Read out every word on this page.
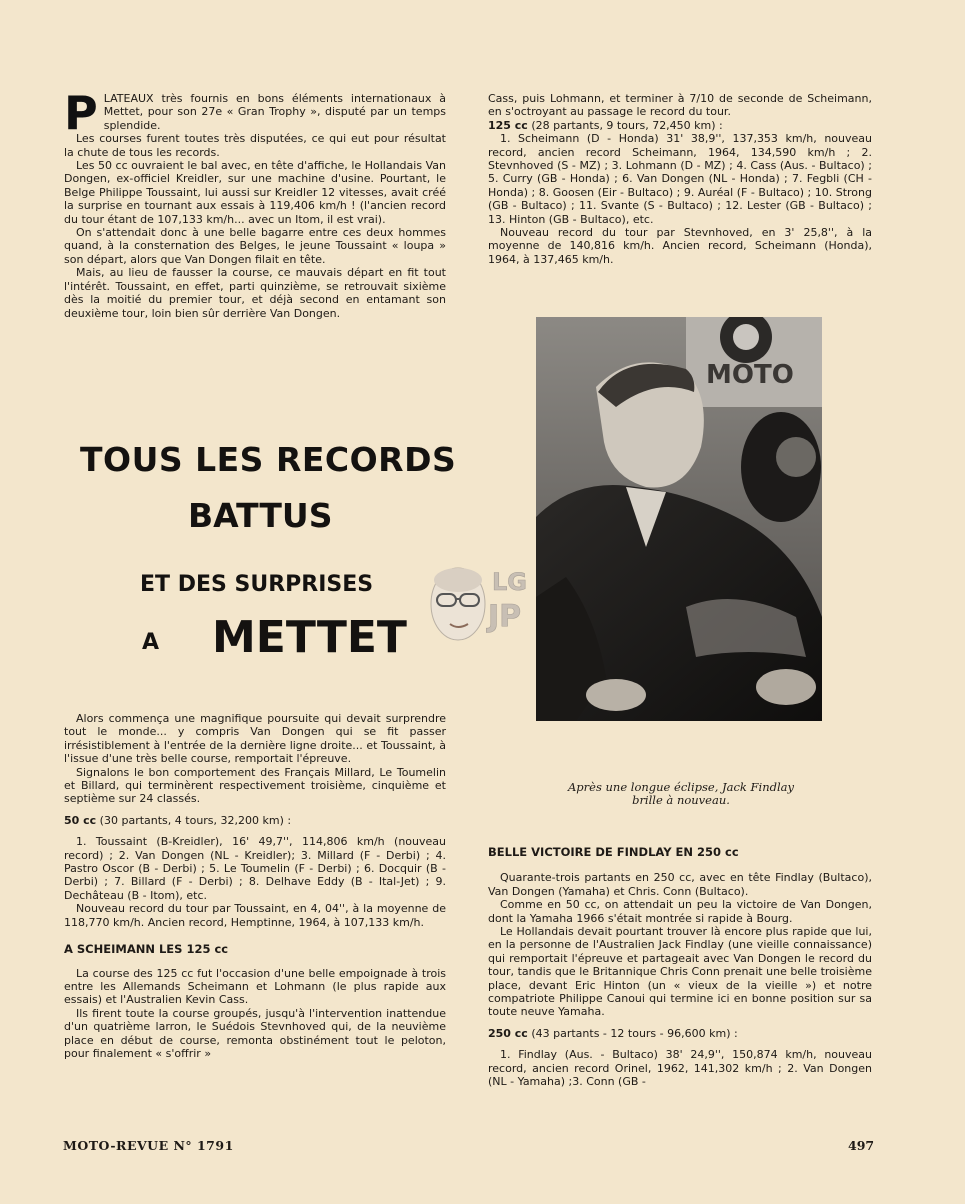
PLATEAUX très fournis en bons éléments internationaux à Mettet, pour son 27e « Gran Trophy », disputé par un temps splendide.

Les courses furent toutes très disputées, ce qui eut pour résultat la chute de tous les records.

Les 50 cc ouvraient le bal avec, en tête d'affiche, le Hollandais Van Dongen, ex-officiel Kreidler, sur une machine d'usine. Pourtant, le Belge Philippe Toussaint, lui aussi sur Kreidler 12 vitesses, avait créé la surprise en tournant aux essais à 119,406 km/h ! (l'ancien record du tour étant de 107,133 km/h... avec un Itom, il est vrai).

On s'attendait donc à une belle bagarre entre ces deux hommes quand, à la consternation des Belges, le jeune Toussaint « loupa » son départ, alors que Van Dongen filait en tête.

Mais, au lieu de fausser la course, ce mauvais départ en fit tout l'intérêt. Toussaint, en effet, parti quinzième, se retrouvait sixième dès la moitié du premier tour, et déjà second en entamant son deuxième tour, loin bien sûr derrière Van Dongen.

TOUS LES RECORDS
BATTUS
ET DES SURPRISES
A METTET
LG
JP

Alors commença une magnifique poursuite qui devait surprendre tout le monde... y compris Van Dongen qui se fit passer irrésistiblement à l'entrée de la dernière ligne droite... et Toussaint, à l'issue d'une très belle course, remportait l'épreuve.

Signalons le bon comportement des Français Millard, Le Toumelin et Billard, qui terminèrent respectivement troisième, cinquième et septième sur 24 classés.

50 cc (30 partants, 4 tours, 32,200 km) :

1. Toussaint (B-Kreidler), 16' 49,7'', 114,806 km/h (nouveau record) ; 2. Van Dongen (NL - Kreidler); 3. Millard (F - Derbi) ; 4. Pastro Oscor (B - Derbi) ; 5. Le Toumelin (F - Derbi) ; 6. Docquir (B - Derbi) ; 7. Billard (F - Derbi) ; 8. Delhave Eddy (B - Ital-Jet) ; 9. Dechâteau (B - Itom), etc.

Nouveau record du tour par Toussaint, en 4, 04'', à la moyenne de 118,770 km/h. Ancien record, Hemptinne, 1964, à 107,133 km/h.

A SCHEIMANN LES 125 cc

La course des 125 cc fut l'occasion d'une belle empoignade à trois entre les Allemands Scheimann et Lohmann (le plus rapide aux essais) et l'Australien Kevin Cass.

Ils firent toute la course groupés, jusqu'à l'intervention inattendue d'un quatrième larron, le Suédois Stevnhoved qui, de la neuvième place en début de course, remonta obstinément tout le peloton, pour finalement « s'offrir »

Cass, puis Lohmann, et terminer à 7/10 de seconde de Scheimann, en s'octroyant au passage le record du tour.

125 cc (28 partants, 9 tours, 72,450 km) :

1. Scheimann (D - Honda) 31' 38,9'', 137,353 km/h, nouveau record, ancien record Scheimann, 1964, 134,590 km/h ; 2. Stevnhoved (S - MZ) ; 3. Lohmann (D - MZ) ; 4. Cass (Aus. - Bultaco) ; 5. Curry (GB - Honda) ; 6. Van Dongen (NL - Honda) ; 7. Fegbli (CH - Honda) ; 8. Goosen (Eir - Bultaco) ; 9. Auréal (F - Bultaco) ; 10. Strong (GB - Bultaco) ; 11. Svante (S - Bultaco) ; 12. Lester (GB - Bultaco) ; 13. Hinton (GB - Bultaco), etc.

Nouveau record du tour par Stevnhoved, en 3' 25,8'', à la moyenne de 140,816 km/h. Ancien record, Scheimann (Honda), 1964, à 137,465 km/h.

MOTO
Après une longue éclipse, Jack Findlay
brille à nouveau.

BELLE VICTOIRE DE FINDLAY EN 250 cc

Quarante-trois partants en 250 cc, avec en tête Findlay (Bultaco), Van Dongen (Yamaha) et Chris. Conn (Bultaco).

Comme en 50 cc, on attendait un peu la victoire de Van Dongen, dont la Yamaha 1966 s'était montrée si rapide à Bourg.

Le Hollandais devait pourtant trouver là encore plus rapide que lui, en la personne de l'Australien Jack Findlay (une vieille connaissance) qui remportait l'épreuve et partageait avec Van Dongen le record du tour, tandis que le Britannique Chris Conn prenait une belle troisième place, devant Eric Hinton (un « vieux de la vieille ») et notre compatriote Philippe Canoui qui termine ici en bonne position sur sa toute neuve Yamaha.

250 cc (43 partants - 12 tours - 96,600 km) :

1. Findlay (Aus. - Bultaco) 38' 24,9'', 150,874 km/h, nouveau record, ancien record Orinel, 1962, 141,302 km/h ; 2. Van Dongen (NL - Yamaha) ;3. Conn (GB -

MOTO-REVUE N° 1791	497
